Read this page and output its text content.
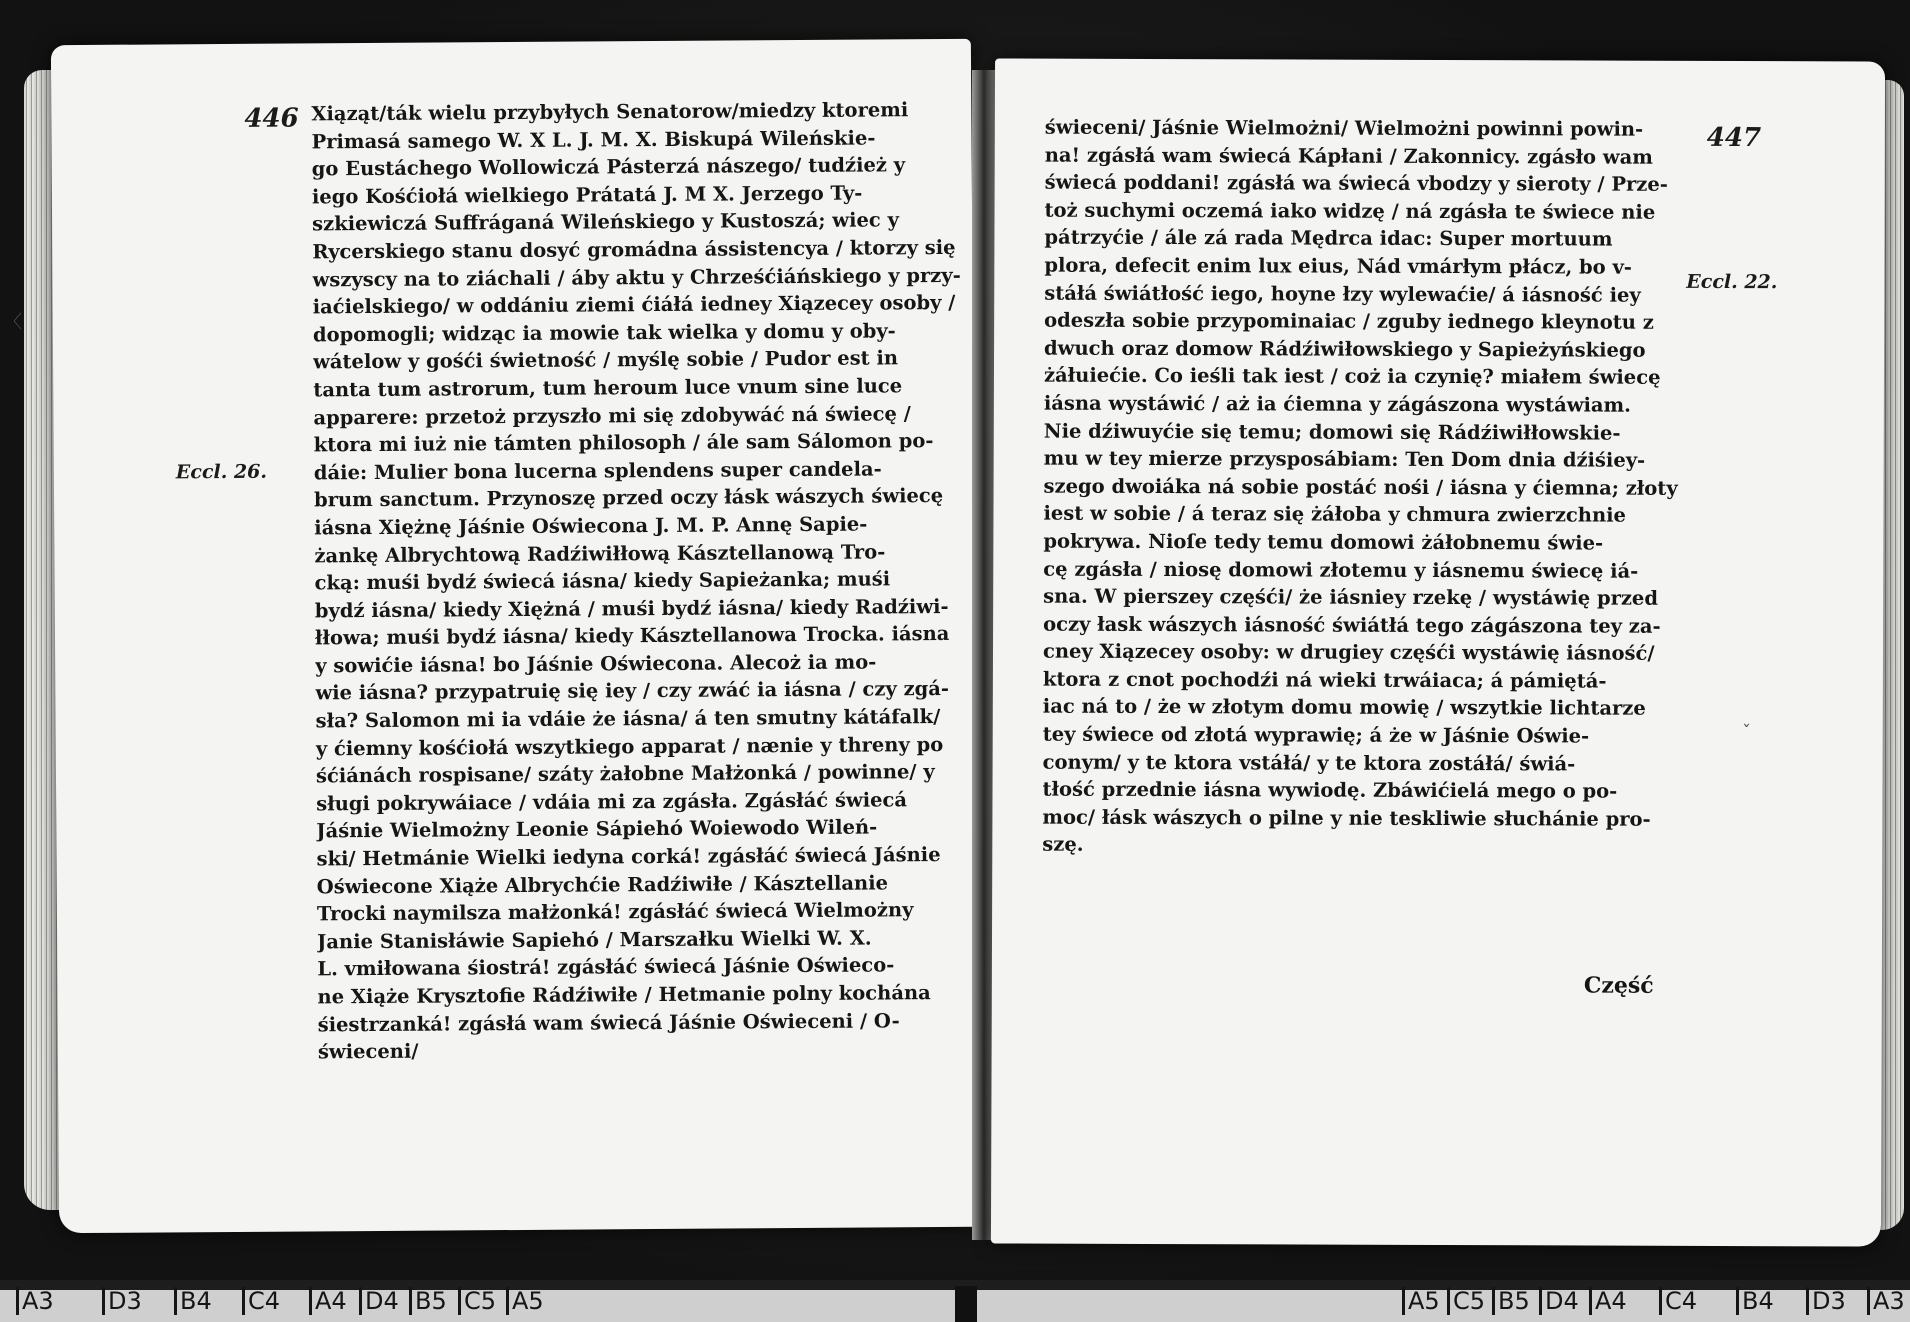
446
Eccl. 26.
Xiąząt/ták wielu przybyłych Senatorow/miedzy ktoremi
Primasá samego W. X L. J. M. X. Biskupá Wileńskie-
go Eustáchego Wollowiczá Pásterzá nászego/ tudźież y
iego Kośćiołá wielkiego Prátatá J. M X. Jerzego Ty-
szkiewiczá Suffráganá Wileńskiego y Kustoszá; wiec y
Rycerskiego stanu dosyć gromádna ássistencya / ktorzy się
wszyscy na to ziáchali / áby aktu y Chrześćiáńskiego y przy-
iaćielskiego/ w oddániu ziemi ćiáłá iedney Xiązecey osoby /
dopomogli; widząc ia mowie tak wielka y domu y oby-
wátelow y gośći świetność / myślę sobie / Pudor est in
tanta tum astrorum, tum heroum luce vnum sine luce
apparere: przetoż przyszło mi się zdobywáć ná świecę /
ktora mi iuż nie támten philosoph / ále sam Sálomon po-
dáie: Mulier bona lucerna splendens super candela-
brum sanctum. Przynoszę przed oczy łásk wászych świecę
iásna Xiężnę Jáśnie Oświecona J. M. P. Annę Sapie-
żankę Albrychtową Radźiwiłłową Kásztellanową Tro-
cką: muśi bydź świecá iásna/ kiedy Sapieżanka; muśi
bydź iásna/ kiedy Xiężná / muśi bydź iásna/ kiedy Radźiwi-
łłowa; muśi bydź iásna/ kiedy Kásztellanowa Trocka. iásna
y sowićie iásna! bo Jáśnie Oświecona. Alecoż ia mo-
wie iásna? przypatruię się iey / czy zwáć ia iásna / czy zgá-
sła? Salomon mi ia vdáie że iásna/ á ten smutny kátáfalk/
y ćiemny kośćiołá wszytkiego apparat / nænie y threny po
śćiánách rospisane/ száty żałobne Małżonká / powinne/ y
sługi pokrywáiace / vdáia mi za zgásła. Zgásłáć świecá
Jáśnie Wielmożny Leonie Sápiehó Woiewodo Wileń-
ski/ Hetmánie Wielki iedyna corká! zgásłáć świecá Jáśnie
Oświecone Xiąże Albrychćie Radźiwiłe / Kásztellanie
Trocki naymilsza małżonká! zgásłáć świecá Wielmożny
Janie Stanisłáwie Sapiehó / Marszałku Wielki W. X.
L. vmiłowana śiostrá! zgásłáć świecá Jáśnie Oświeco-
ne Xiąże Krysztofie Rádźiwiłe / Hetmanie polny kochána
śiestrzanká! zgásłá wam świecá Jáśnie Oświeceni / O-
świeceni/
447
Eccl. 22.
świeceni/ Jáśnie Wielmożni/ Wielmożni powinni powin-
na! zgásłá wam świecá Kápłani / Zakonnicy. zgásło wam
świecá poddani! zgásłá wa świecá vbodzy y sieroty / Prze-
toż suchymi oczemá iako widzę / ná zgásła te świece nie
pátrzyćie / ále zá rada Mędrca idac: Super mortuum
plora, defecit enim lux eius, Nád vmárłym płácz, bo v-
stáłá świátłość iego, hoyne łzy wylewaćie/ á iásność iey
odeszła sobie przypominaiac / zguby iednego kleynotu z
dwuch oraz domow Rádźiwiłowskiego y Sapieżyńskiego
żáłuiećie. Co ieśli tak iest / coż ia czynię? miałem świecę
iásna wystáwić / aż ia ćiemna y zágászona wystáwiam.
Nie dźiwuyćie się temu; domowi się Rádźiwiłłowskie-
mu w tey mierze przysposábiam: Ten Dom dnia dźiśiey-
szego dwoiáka ná sobie postáć nośi / iásna y ćiemna; złoty
iest w sobie / á teraz się żáłoba y chmura zwierzchnie
pokrywa. Nioſe tedy temu domowi żáłobnemu świe-
cę zgásła / niosę domowi złotemu y iásnemu świecę iá-
sna. W pierszey częśći/ że iásniey rzekę / wystáwię przed
oczy łask wászych iásność świátłá tego zágászona tey za-
cney Xiązecey osoby: w drugiey częśći wystáwię iásność/
ktora z cnot pochodźi ná wieki trwáiaca; á pámiętá-
iac ná to / że w złotym domu mowię / wszytkie lichtarze
tey świece od złotá wyprawię; á że w Jáśnie Oświe-
conym/ y te ktora vstáłá/ y te ktora zostáłá/ świá-
tłość przednie iásna wywiodę. Zbáwićielá mego o po-
moc/ łásk wászych o pilne y nie teskliwie słuchánie pro-
szę.
Część
ˇ
〈
A3 D3 B4 C4 A4 D4 B5 C5 A5	A5 C5 B5 D4 A4 C4 B4 D3 A3
